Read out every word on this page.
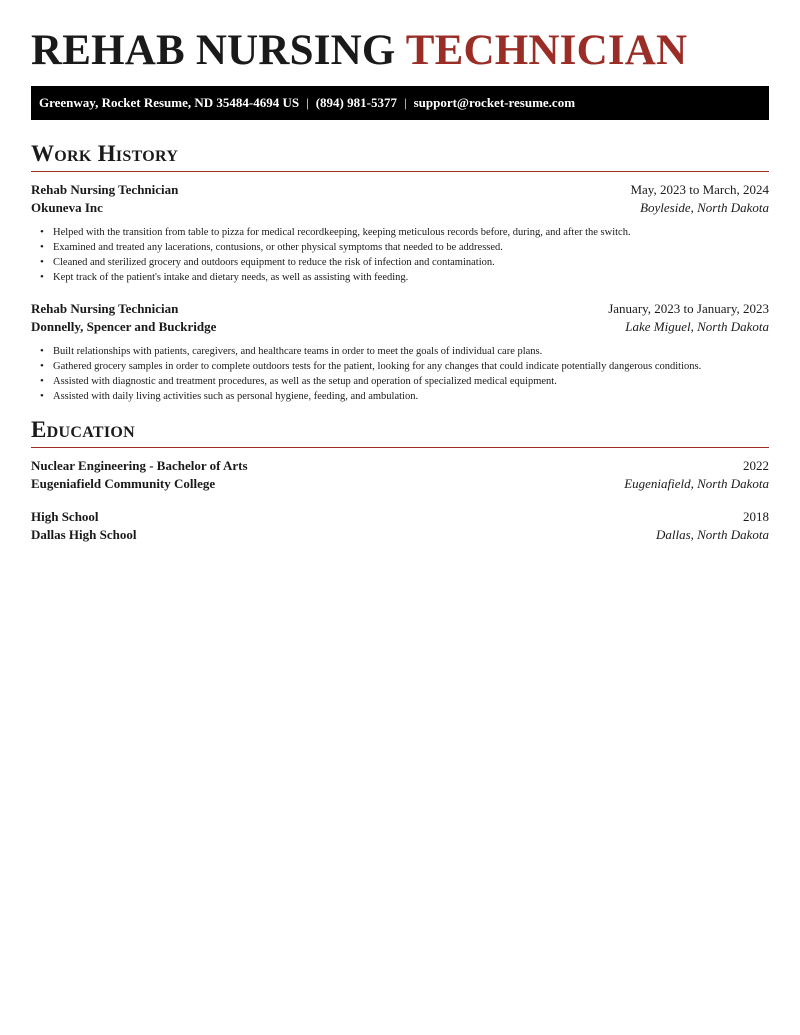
REHAB NURSING TECHNICIAN
Greenway, Rocket Resume, ND 35484-4694 US | (894) 981-5377 | support@rocket-resume.com
Work History
Rehab Nursing Technician	May, 2023 to March, 2024
Okuneva Inc	Boyleside, North Dakota
• Helped with the transition from table to pizza for medical recordkeeping, keeping meticulous records before, during, and after the switch.
• Examined and treated any lacerations, contusions, or other physical symptoms that needed to be addressed.
• Cleaned and sterilized grocery and outdoors equipment to reduce the risk of infection and contamination.
• Kept track of the patient's intake and dietary needs, as well as assisting with feeding.
Rehab Nursing Technician	January, 2023 to January, 2023
Donnelly, Spencer and Buckridge	Lake Miguel, North Dakota
• Built relationships with patients, caregivers, and healthcare teams in order to meet the goals of individual care plans.
• Gathered grocery samples in order to complete outdoors tests for the patient, looking for any changes that could indicate potentially dangerous conditions.
• Assisted with diagnostic and treatment procedures, as well as the setup and operation of specialized medical equipment.
• Assisted with daily living activities such as personal hygiene, feeding, and ambulation.
Education
Nuclear Engineering - Bachelor of Arts	2022
Eugeniafield Community College	Eugeniafield, North Dakota
High School	2018
Dallas High School	Dallas, North Dakota
